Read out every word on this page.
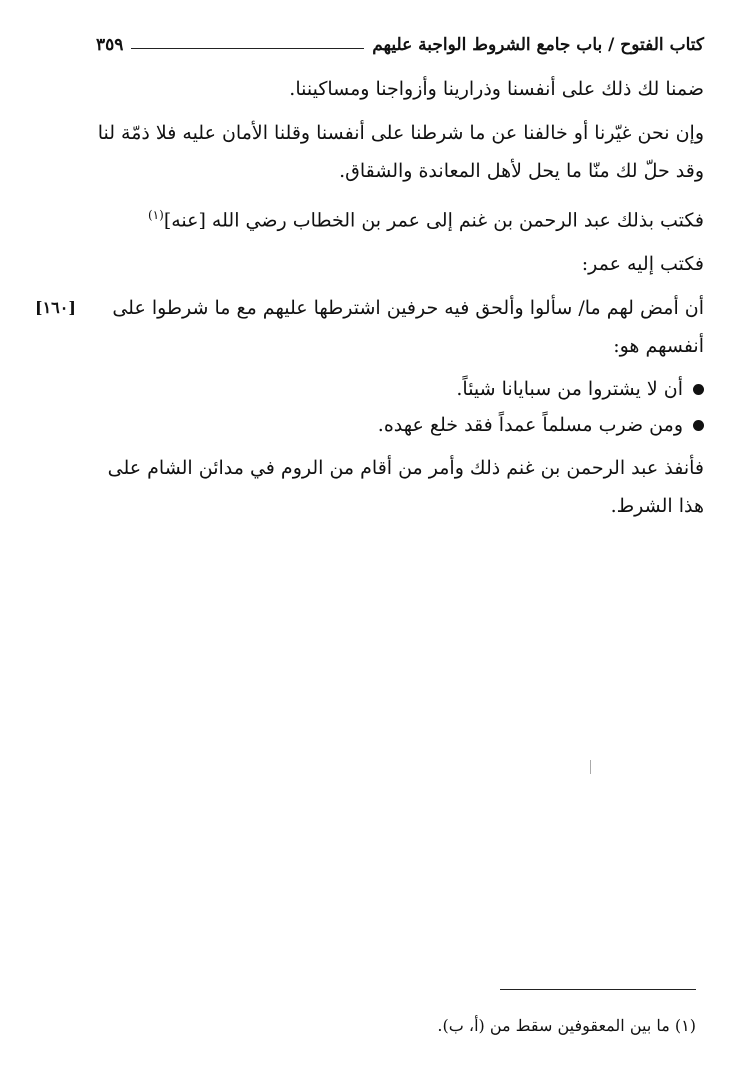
كتاب الفتوح / باب جامع الشروط الواجبة عليهم
٣٥٩

ضمنا لك ذلك على أنفسنا وذرارينا وأزواجنا ومساكيننا.

وإن نحن غيّرنا أو خالفنا عن ما شرطنا على أنفسنا وقلنا الأمان عليه فلا ذمّة لنا وقد حلّ لك منّا ما يحل لأهل المعاندة والشقاق.

فكتب بذلك عبد الرحمن بن غنم إلى عمر بن الخطاب رضي الله [عنه]$^{(١)}$

فكتب إليه عمر:

أن أمض لهم ما/ سألوا وألحق فيه حرفين اشترطها عليهم مع ما شرطوا على أنفسهم هو:

[١٦٠]
أن لا يشتروا من سبايانا شيئاً.
ومن ضرب مسلماً عمداً فقد خلع عهده.

فأنفذ عبد الرحمن بن غنم ذلك وأمر من أقام من الروم في مدائن الشام على هذا الشرط.

(١) ما بين المعقوفين سقط من (أ، ب).
